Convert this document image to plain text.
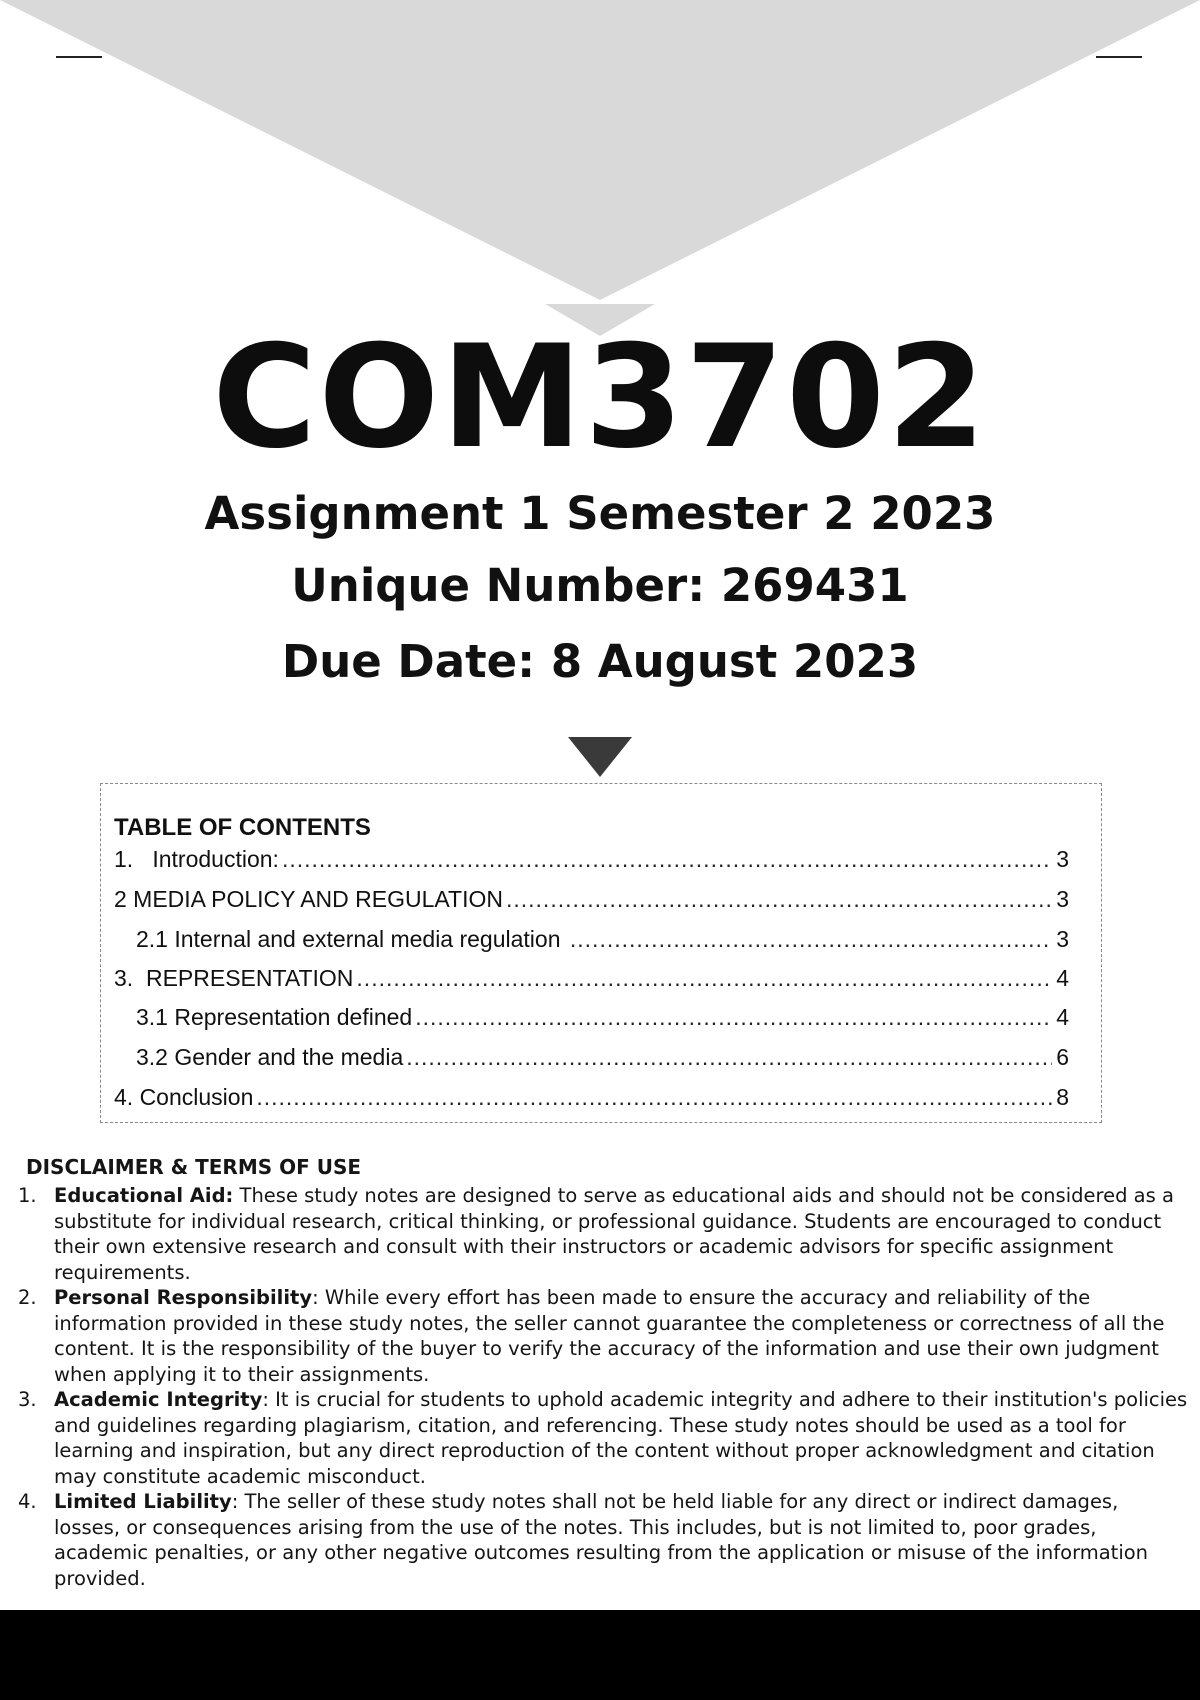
COM3702
Assignment 1 Semester 2 2023
Unique Number: 269431
Due Date: 8 August 2023
TABLE OF CONTENTS
1.   Introduction: .....	3
2 MEDIA POLICY AND REGULATION .....	3
2.1 Internal and external media regulation .....	3
3.  REPRESENTATION .....	4
3.1 Representation defined .....	4
3.2 Gender and the media .....	6
4. Conclusion .....	8
DISCLAIMER & TERMS OF USE
1. Educational Aid: These study notes are designed to serve as educational aids and should not be considered as a substitute for individual research, critical thinking, or professional guidance. Students are encouraged to conduct their own extensive research and consult with their instructors or academic advisors for specific assignment requirements.
2. Personal Responsibility: While every effort has been made to ensure the accuracy and reliability of the information provided in these study notes, the seller cannot guarantee the completeness or correctness of all the content. It is the responsibility of the buyer to verify the accuracy of the information and use their own judgment when applying it to their assignments.
3. Academic Integrity: It is crucial for students to uphold academic integrity and adhere to their institution's policies and guidelines regarding plagiarism, citation, and referencing. These study notes should be used as a tool for learning and inspiration, but any direct reproduction of the content without proper acknowledgment and citation may constitute academic misconduct.
4. Limited Liability: The seller of these study notes shall not be held liable for any direct or indirect damages, losses, or consequences arising from the use of the notes. This includes, but is not limited to, poor grades, academic penalties, or any other negative outcomes resulting from the application or misuse of the information provided.
